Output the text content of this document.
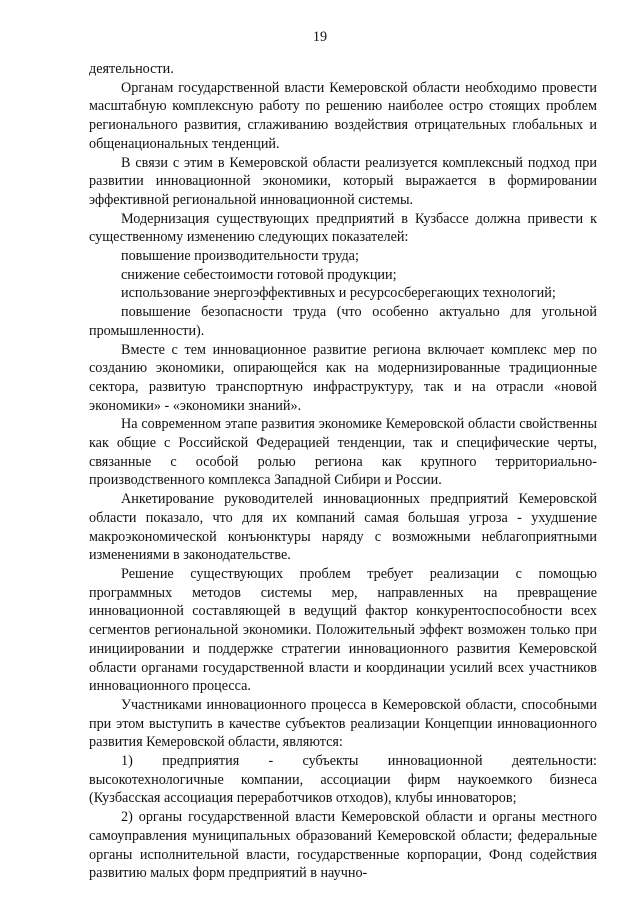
19

деятельности.

Органам государственной власти Кемеровской области необходимо провести масштабную комплексную работу по решению наиболее остро стоящих проблем регионального развития, сглаживанию воздействия отрицательных глобальных и общенациональных тенденций.

В связи с этим в Кемеровской области реализуется комплексный подход при развитии инновационной экономики, который выражается в формировании эффективной региональной инновационной системы.

Модернизация существующих предприятий в Кузбассе должна привести к существенному изменению следующих показателей:

повышение производительности труда;

снижение себестоимости готовой продукции;

использование энергоэффективных и ресурсосберегающих технологий;

повышение безопасности труда (что особенно актуально для угольной промышленности).

Вместе с тем инновационное развитие региона включает комплекс мер по созданию экономики, опирающейся как на модернизированные традиционные сектора, развитую транспортную инфраструктуру, так и на отрасли «новой экономики» - «экономики знаний».

На современном этапе развития экономике Кемеровской области свойственны как общие с Российской Федерацией тенденции, так и специфические черты, связанные с особой ролью региона как крупного территориально-производственного комплекса Западной Сибири и России.

Анкетирование руководителей инновационных предприятий Кемеровской области показало, что для их компаний самая большая угроза - ухудшение макроэкономической конъюнктуры наряду с возможными неблагоприятными изменениями в законодательстве.

Решение существующих проблем требует реализации с помощью программных методов системы мер, направленных на превращение инновационной составляющей в ведущий фактор конкурентоспособности всех сегментов региональной экономики. Положительный эффект возможен только при инициировании и поддержке стратегии инновационного развития Кемеровской области органами государственной власти и координации усилий всех участников инновационного процесса.

Участниками инновационного процесса в Кемеровской области, способными при этом выступить в качестве субъектов реализации Концепции инновационного развития Кемеровской области, являются:

1) предприятия - субъекты инновационной деятельности: высокотехнологичные компании, ассоциации фирм наукоемкого бизнеса (Кузбасская ассоциация переработчиков отходов), клубы инноваторов;

2) органы государственной власти Кемеровской области и органы местного самоуправления муниципальных образований Кемеровской области; федеральные органы исполнительной власти, государственные корпорации, Фонд содействия развитию малых форм предприятий в научно-
